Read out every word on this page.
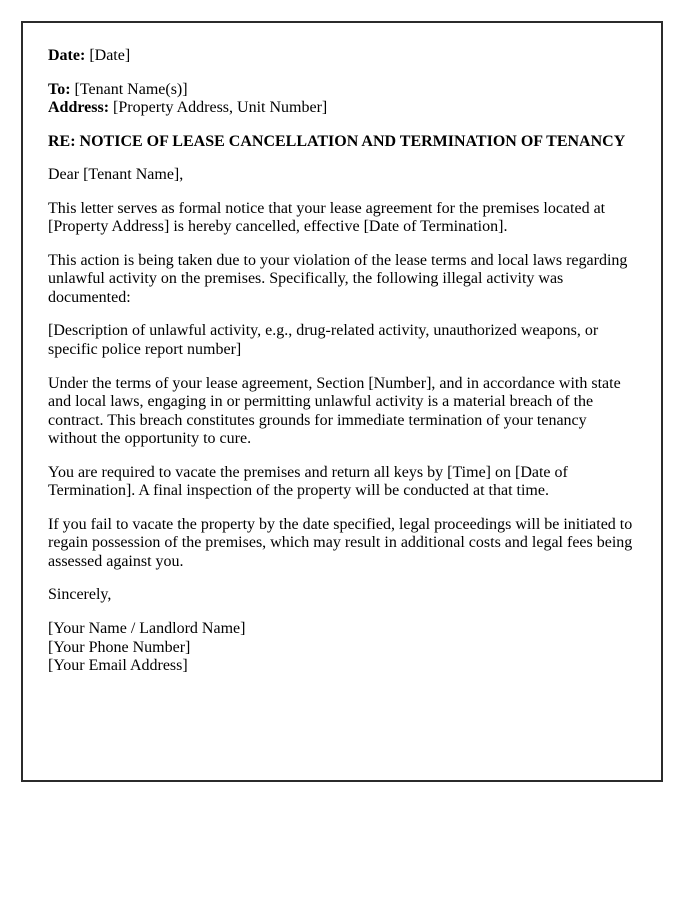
Date: [Date]

To: [Tenant Name(s)]
Address: [Property Address, Unit Number]

RE: NOTICE OF LEASE CANCELLATION AND TERMINATION OF TENANCY

Dear [Tenant Name],

This letter serves as formal notice that your lease agreement for the premises located at [Property Address] is hereby cancelled, effective [Date of Termination].

This action is being taken due to your violation of the lease terms and local laws regarding unlawful activity on the premises. Specifically, the following illegal activity was documented:

[Description of unlawful activity, e.g., drug-related activity, unauthorized weapons, or specific police report number]

Under the terms of your lease agreement, Section [Number], and in accordance with state and local laws, engaging in or permitting unlawful activity is a material breach of the contract. This breach constitutes grounds for immediate termination of your tenancy without the opportunity to cure.

You are required to vacate the premises and return all keys by [Time] on [Date of Termination]. A final inspection of the property will be conducted at that time.

If you fail to vacate the property by the date specified, legal proceedings will be initiated to regain possession of the premises, which may result in additional costs and legal fees being assessed against you.

Sincerely,

[Your Name / Landlord Name]
[Your Phone Number]
[Your Email Address]
